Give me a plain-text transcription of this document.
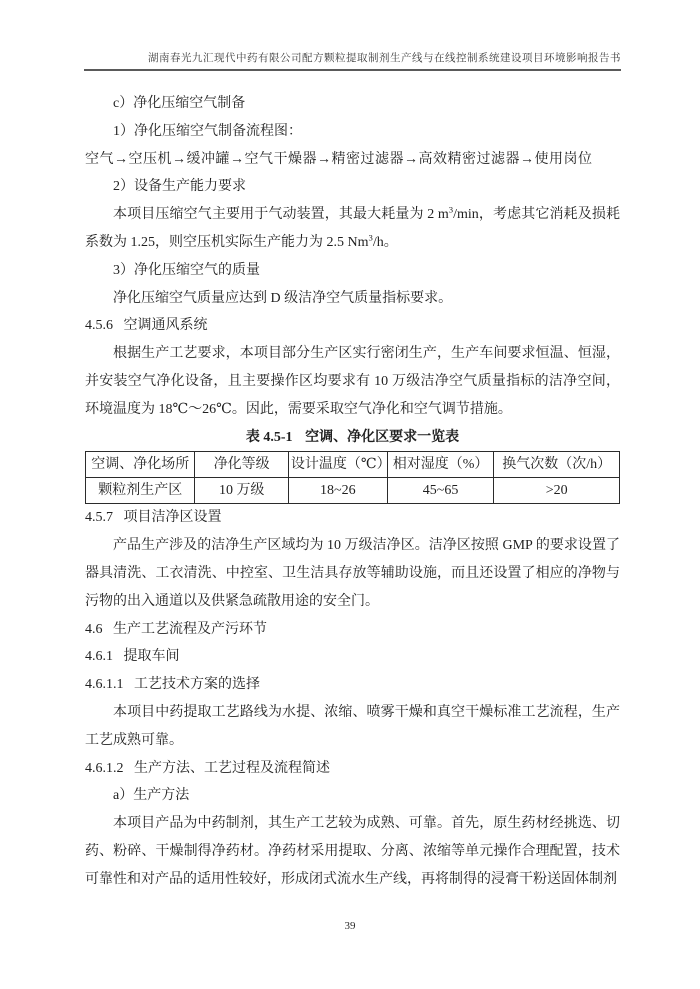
湖南春光九汇现代中药有限公司配方颗粒提取制剂生产线与在线控制系统建设项目环境影响报告书

c）净化压缩空气制备

1）净化压缩空气制备流程图：

空气→空压机→缓冲罐→空气干燥器→精密过滤器→高效精密过滤器→使用岗位

2）设备生产能力要求

本项目压缩空气主要用于气动装置，其最大耗量为 2 $m^3/\min$，考虑其它消耗及损耗系数为 1.25，则空压机实际生产能力为 2.5 Nm$^3$/h。

3）净化压缩空气的质量

净化压缩空气质量应达到 D 级洁净空气质量指标要求。

4.5.6 空调通风系统

根据生产工艺要求，本项目部分生产区实行密闭生产，生产车间要求恒温、恒湿，并安装空气净化设备，且主要操作区均要求有 10 万级洁净空气质量指标的洁净空间，环境温度为 18℃～26℃。因此，需要采取空气净化和空气调节措施。

表 4.5-1 空调、净化区要求一览表
空调、净化场所	净化等级	设计温度（℃）	相对湿度（%）	换气次数（次/h）
颗粒剂生产区	10 万级	18~26	45~65	>20
4.5.7 项目洁净区设置

产品生产涉及的洁净生产区域均为 10 万级洁净区。洁净区按照 GMP 的要求设置了器具清洗、工衣清洗、中控室、卫生洁具存放等辅助设施，而且还设置了相应的净物与污物的出入通道以及供紧急疏散用途的安全门。

4.6 生产工艺流程及产污环节
4.6.1 提取车间
4.6.1.1 工艺技术方案的选择

本项目中药提取工艺路线为水提、浓缩、喷雾干燥和真空干燥标准工艺流程，生产工艺成熟可靠。

4.6.1.2 生产方法、工艺过程及流程简述

a）生产方法

本项目产品为中药制剂，其生产工艺较为成熟、可靠。首先，原生药材经挑选、切药、粉碎、干燥制得净药材。净药材采用提取、分离、浓缩等单元操作合理配置，技术可靠性和对产品的适用性较好，形成闭式流水生产线，再将制得的浸膏干粉送固体制剂

39
